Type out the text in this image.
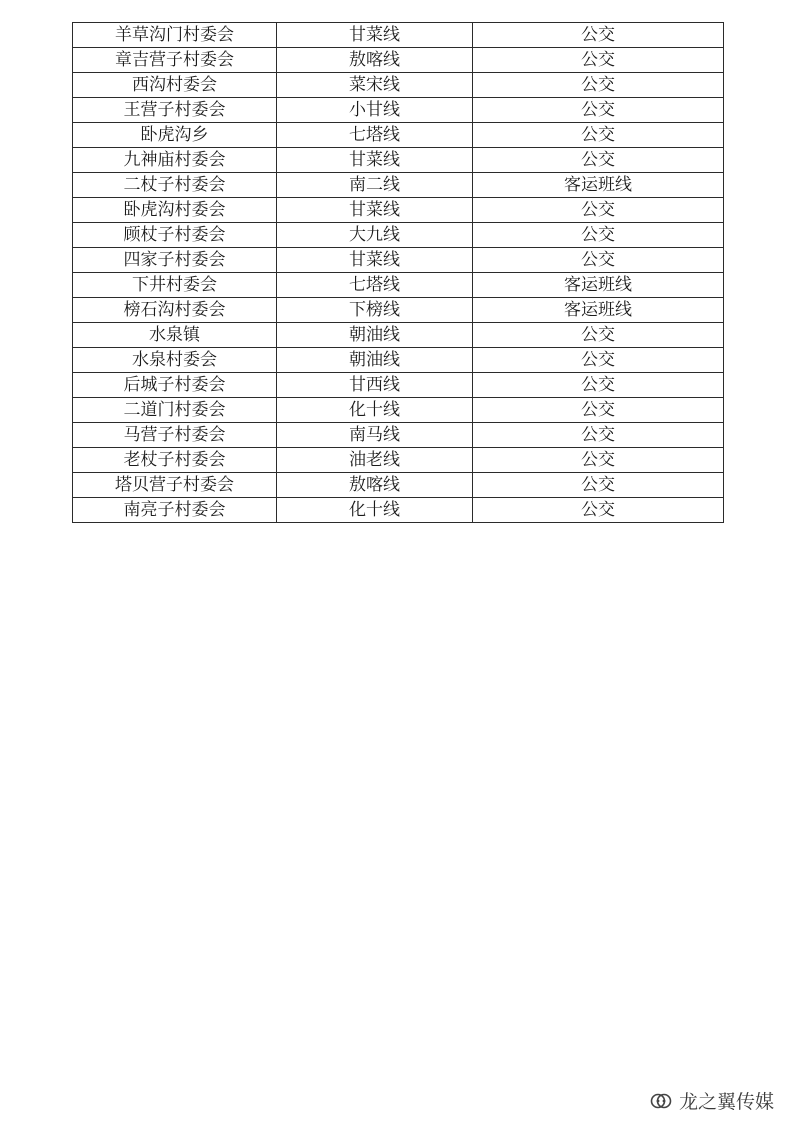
羊草沟门村委会	甘菜线	公交
章吉营子村委会	敖喀线	公交
西沟村委会	菜宋线	公交
王营子村委会	小甘线	公交
卧虎沟乡	七塔线	公交
九神庙村委会	甘菜线	公交
二杖子村委会	南二线	客运班线
卧虎沟村委会	甘菜线	公交
顾杖子村委会	大九线	公交
四家子村委会	甘菜线	公交
下井村委会	七塔线	客运班线
榜石沟村委会	下榜线	客运班线
水泉镇	朝油线	公交
水泉村委会	朝油线	公交
后城子村委会	甘西线	公交
二道门村委会	化十线	公交
马营子村委会	南马线	公交
老杖子村委会	油老线	公交
塔贝营子村委会	敖喀线	公交
南亮子村委会	化十线	公交
龙之翼传媒
